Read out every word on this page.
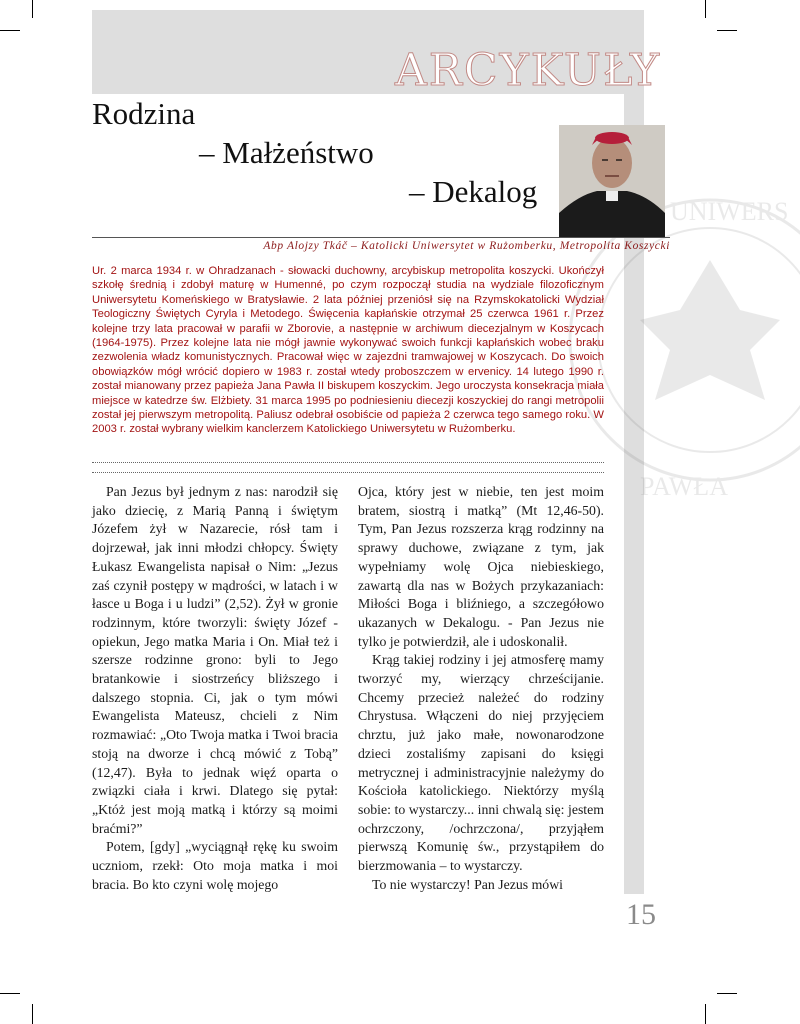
UNIWERS
PAWŁA
ARCYKUŁY
Rodzina
– Małżeństwo
– Dekalog
Abp Alojzy Tkáč – Katolicki Uniwersytet w Rużomberku, Metropolita Koszycki
Ur. 2 marca 1934 r. w Ohradzanach - słowacki duchowny, arcybiskup metropolita koszycki. Ukończył szkołę średnią i zdobył maturę w Humenné, po czym rozpoczął studia na wydziale filozoficznym Uniwersytetu Komeńskiego w Bratysławie. 2 lata później przeniósł się na Rzymskokatolicki Wydział Teologiczny Świętych Cyryla i Metodego. Święcenia kapłańskie otrzymał 25 czerwca 1961 r. Przez kolejne trzy lata pracował w parafii w Zborovie, a następnie w archiwum diecezjalnym w Koszycach (1964-1975). Przez kolejne lata nie mógł jawnie wykonywać swoich funkcji kapłańskich wobec braku zezwolenia władz komunistycznych. Pracował więc w zajezdni tramwajowej w Koszycach. Do swoich obowiązków mógł wrócić dopiero w 1983 r. został wtedy proboszczem w ervenicy. 14 lutego 1990 r. został mianowany przez papieża Jana Pawła II biskupem koszyckim. Jego uroczysta konsekracja miała miejsce w katedrze św. Elżbiety. 31 marca 1995 po podniesieniu diecezji koszyckiej do rangi metropolii został jej pierwszym metropolitą. Paliusz odebrał osobiście od papieża 2 czerwca tego samego roku. W 2003 r. został wybrany wielkim kanclerzem Katolickiego Uniwersytetu w Rużomberku.

Pan Jezus był jednym z nas: narodził się jako dziecię, z Marią Panną i świętym Józefem żył w Nazarecie, rósł tam i dojrzewał, jak inni młodzi chłopcy. Święty Łukasz Ewangelista napisał o Nim: „Jezus zaś czynił postępy w mądrości, w latach i w łasce u Boga i u ludzi” (2,52). Żył w gronie rodzinnym, które tworzyli: święty Józef - opiekun, Jego matka Maria i On. Miał też i szersze rodzinne grono: byli to Jego bratankowie i siostrzeńcy bliższego i dalszego stopnia. Ci, jak o tym mówi Ewangelista Mateusz, chcieli z Nim rozmawiać: „Oto Twoja matka i Twoi bracia stoją na dworze i chcą mówić z Tobą” (12,47). Była to jednak więź oparta o związki ciała i krwi. Dlatego się pytał: „Któż jest moją matką i którzy są moimi braćmi?”

Potem, [gdy] „wyciągnął rękę ku swoim uczniom, rzekł: Oto moja matka i moi bracia. Bo kto czyni wolę mojego

Ojca, który jest w niebie, ten jest moim bratem, siostrą i matką” (Mt 12,46-50). Tym, Pan Jezus rozszerza krąg rodzinny na sprawy duchowe, związane z tym, jak wypełniamy wolę Ojca niebieskiego, zawartą dla nas w Bożych przykazaniach: Miłości Boga i bliźniego, a szczegółowo ukazanych w Dekalogu. - Pan Jezus nie tylko je potwierdził, ale i udoskonalił.

Krąg takiej rodziny i jej atmosferę mamy tworzyć my, wierzący chrześcijanie. Chcemy przecież należeć do rodziny Chrystusa. Włączeni do niej przyjęciem chrztu, już jako małe, nowonarodzone dzieci zostaliśmy zapisani do księgi metrycznej i administracyjnie należymy do Kościoła katolickiego. Niektórzy myślą sobie: to wystarczy... inni chwalą się: jestem ochrzczony, /ochrzczona/, przyjąłem pierwszą Komunię św., przystąpiłem do bierzmowania – to wystarczy.

To nie wystarczy! Pan Jezus mówi

15
